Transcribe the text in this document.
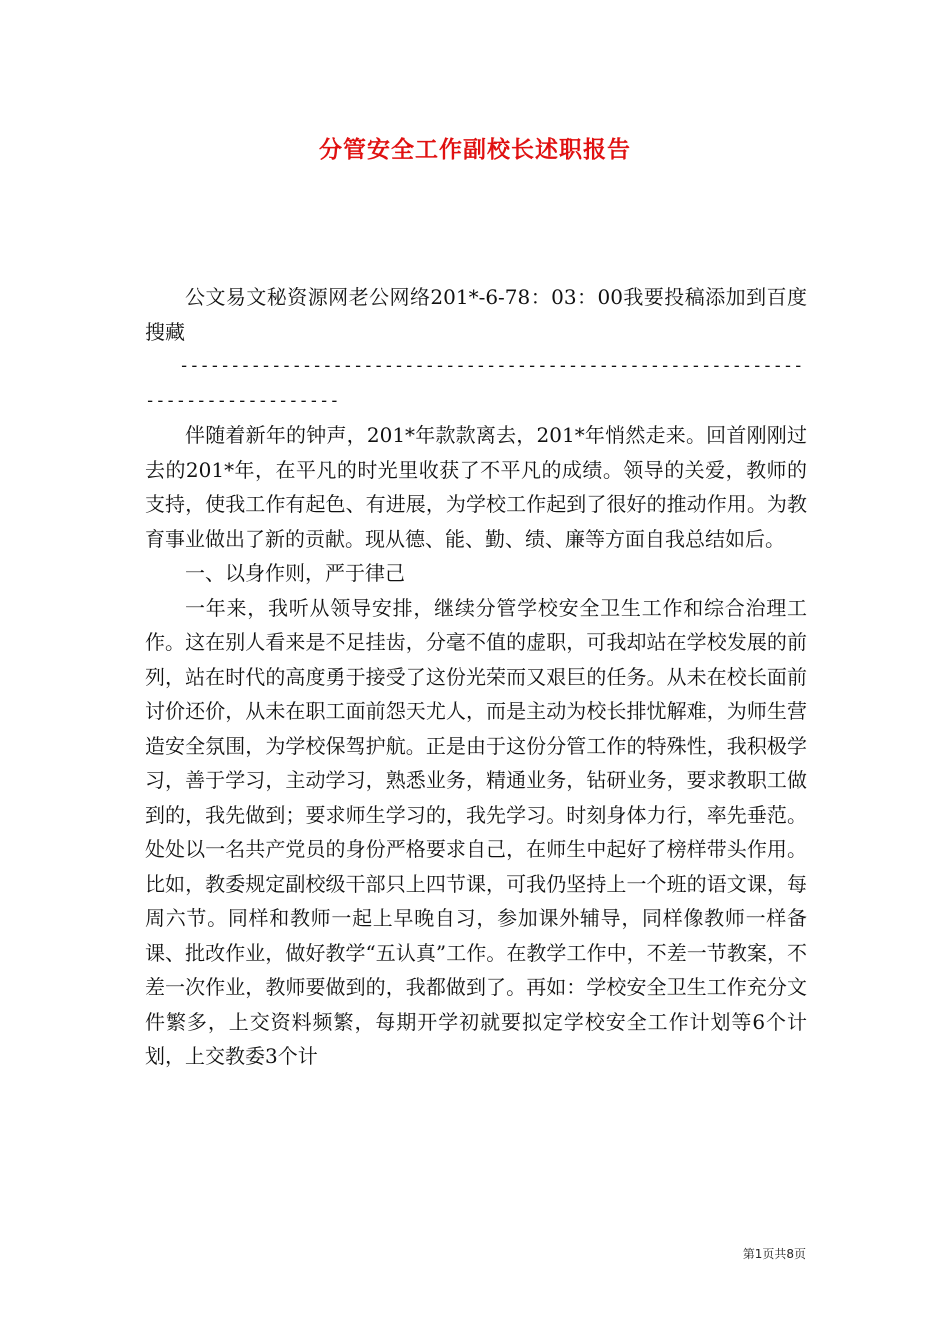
分管安全工作副校长述职报告

公文易文秘资源网老公网络201*-6-78：03：00我要投稿添加到百度搜藏

--------------------------------------------------------------------------------

伴随着新年的钟声，201*年款款离去，201*年悄然走来。回首刚刚过去的201*年，在平凡的时光里收获了不平凡的成绩。领导的关爱，教师的支持，使我工作有起色、有进展，为学校工作起到了很好的推动作用。为教育事业做出了新的贡献。现从德、能、勤、绩、廉等方面自我总结如后。

一、以身作则，严于律己

一年来，我听从领导安排，继续分管学校安全卫生工作和综合治理工作。这在别人看来是不足挂齿，分毫不值的虚职，可我却站在学校发展的前列，站在时代的高度勇于接受了这份光荣而又艰巨的任务。从未在校长面前讨价还价，从未在职工面前怨天尤人，而是主动为校长排忧解难，为师生营造安全氛围，为学校保驾护航。正是由于这份分管工作的特殊性，我积极学习，善于学习，主动学习，熟悉业务，精通业务，钻研业务，要求教职工做到的，我先做到；要求师生学习的，我先学习。时刻身体力行，率先垂范。处处以一名共产党员的身份严格要求自己，在师生中起好了榜样带头作用。比如，教委规定副校级干部只上四节课，可我仍坚持上一个班的语文课，每周六节。同样和教师一起上早晚自习，参加课外辅导，同样像教师一样备课、批改作业，做好教学“五认真”工作。在教学工作中，不差一节教案，不差一次作业，教师要做到的，我都做到了。再如：学校安全卫生工作充分文件繁多，上交资料频繁，每期开学初就要拟定学校安全工作计划等6个计划，上交教委3个计

第1页共8页
